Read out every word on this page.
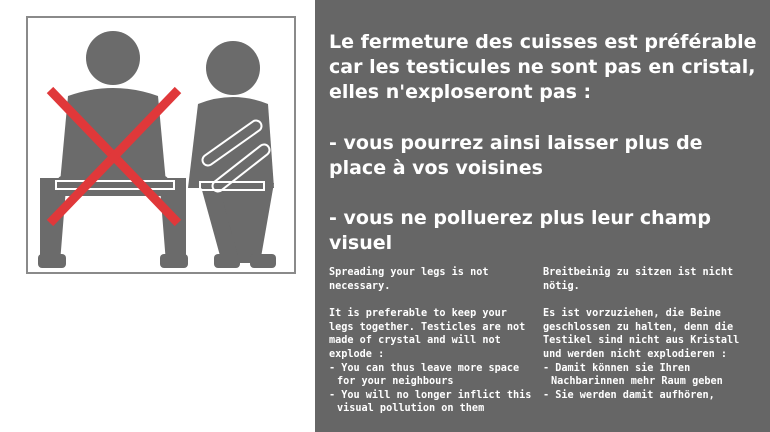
Le fermeture des cuisses est préférable car les testicules ne sont pas en cristal, elles n'exploseront pas :

- vous pourrez ainsi laisser plus de place à vos voisines

- vous ne polluerez plus leur champ visuel

Spreading your legs is not necessary.

It is preferable to keep your legs together. Testicles are not made of crystal and will not explode :

- You can thus leave more space for your neighbours
- You will no longer inflict this visual pollution on them

Breitbeinig zu sitzen ist nicht nötig.

Es ist vorzuziehen, die Beine geschlossen zu halten, denn die Testikel sind nicht aus Kristall und werden nicht explodieren :

- Damit können sie Ihren Nachbarinnen mehr Raum geben
- Sie werden damit aufhören,
